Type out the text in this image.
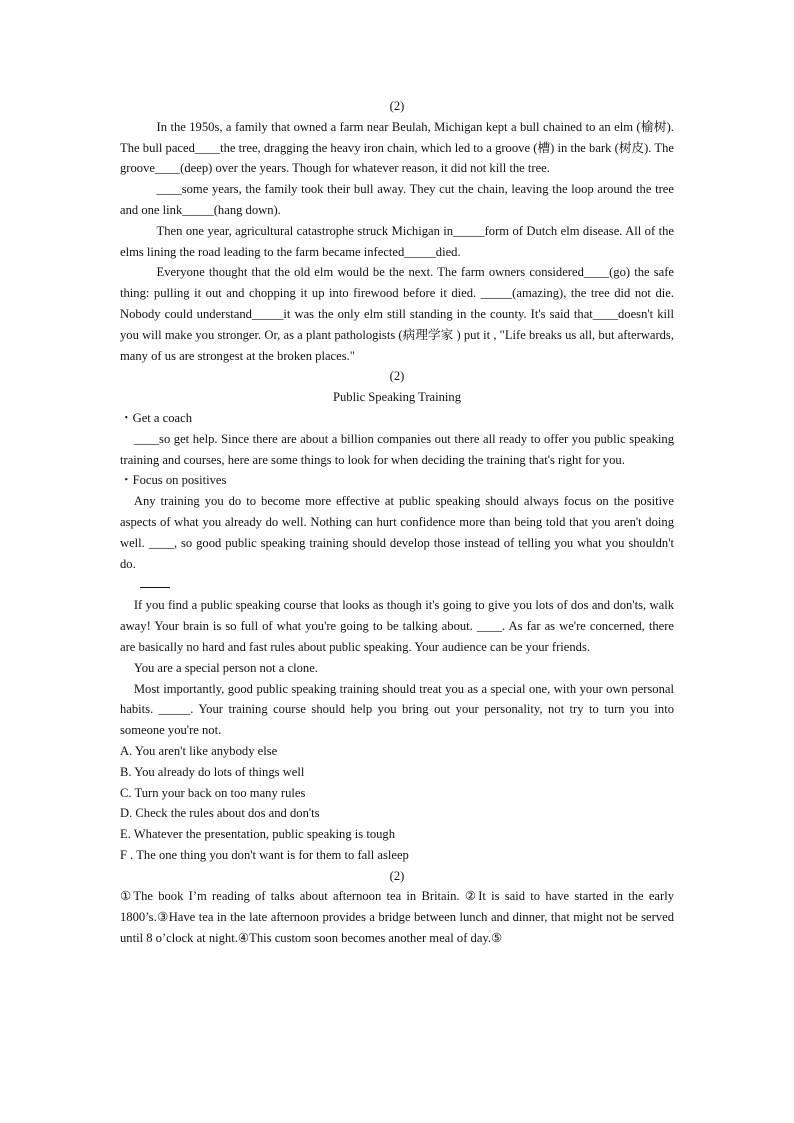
(2)

In the 1950s, a family that owned a farm near Beulah, Michigan kept a bull chained to an elm (榆树). The bull paced____the tree, dragging the heavy iron chain, which led to a groove (槽) in the bark (树皮). The groove____(deep) over the years. Though for whatever reason, it did not kill the tree.

____some years, the family took their bull away. They cut the chain, leaving the loop around the tree and one link_____(hang down).

Then one year, agricultural catastrophe struck Michigan in_____form of Dutch elm disease. All of the elms lining the road leading to the farm became infected_____died.

Everyone thought that the old elm would be the next. The farm owners considered____(go) the safe thing: pulling it out and chopping it up into firewood before it died. _____(amazing), the tree did not die. Nobody could understand_____it was the only elm still standing in the county. It's said that____doesn't kill you will make you stronger. Or, as a plant pathologists (病理学家 ) put it , "Life breaks us all, but afterwards, many of us are strongest at the broken places."

(2)
Public Speaking Training
・Get a coach

____so get help. Since there are about a billion companies out there all ready to offer you public speaking training and courses, here are some things to look for when deciding the training that's right for you.

・Focus on positives

Any training you do to become more effective at public speaking should always focus on the positive aspects of what you already do well. Nothing can hurt confidence more than being told that you aren't doing well. ____, so good public speaking training should develop those instead of telling you what you shouldn't do.

If you find a public speaking course that looks as though it's going to give you lots of dos and don'ts, walk away! Your brain is so full of what you're going to be talking about. ____. As far as we're concerned, there are basically no hard and fast rules about public speaking. Your audience can be your friends.

You are a special person not a clone.

Most importantly, good public speaking training should treat you as a special one, with your own personal habits. _____. Your training course should help you bring out your personality, not try to turn you into someone you're not.

A. You aren't like anybody else
B. You already do lots of things well
C. Turn your back on too many rules
D. Check the rules about dos and don'ts
E. Whatever the presentation, public speaking is tough
F . The one thing you don't want is for them to fall asleep
(2)

①The book I’m reading of talks about afternoon tea in Britain. ②It is said to have started in the early 1800’s.③Have tea in the late afternoon provides a bridge between lunch and dinner, that might not be served until 8 o’clock at night.④This custom soon becomes another meal of day.⑤
